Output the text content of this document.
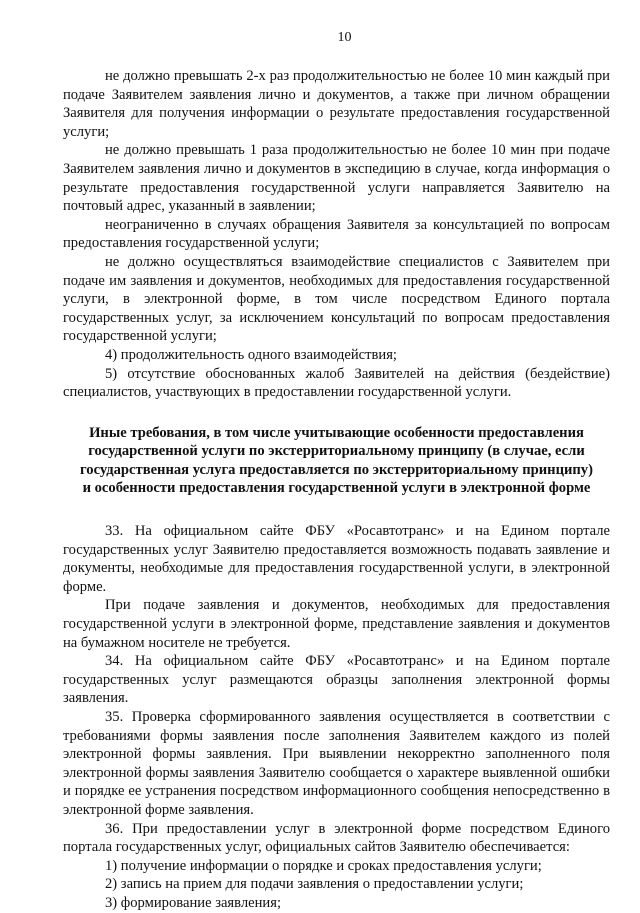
10

не должно превышать 2-х раз продолжительностью не более 10 мин каждый при подаче Заявителем заявления лично и документов, а также при личном обращении Заявителя для получения информации о результате предоставления государственной услуги;

не должно превышать 1 раза продолжительностью не более 10 мин при подаче Заявителем заявления лично и документов в экспедицию в случае, когда информация о результате предоставления государственной услуги направляется Заявителю на почтовый адрес, указанный в заявлении;

неограниченно в случаях обращения Заявителя за консультацией по вопросам предоставления государственной услуги;

не должно осуществляться взаимодействие специалистов с Заявителем при подаче им заявления и документов, необходимых для предоставления государственной услуги, в электронной форме, в том числе посредством Единого портала государственных услуг, за исключением консультаций по вопросам предоставления государственной услуги;

4) продолжительность одного взаимодействия;

5) отсутствие обоснованных жалоб Заявителей на действия (бездействие) специалистов, участвующих в предоставлении государственной услуги.

Иные требования, в том числе учитывающие особенности предоставления
государственной услуги по экстерриториальному принципу (в случае, если
государственная услуга предоставляется по экстерриториальному принципу)
и особенности предоставления государственной услуги в электронной форме

33. На официальном сайте ФБУ «Росавтотранс» и на Едином портале государственных услуг Заявителю предоставляется возможность подавать заявление и документы, необходимые для предоставления государственной услуги, в электронной форме.

При подаче заявления и документов, необходимых для предоставления государственной услуги в электронной форме, представление заявления и документов на бумажном носителе не требуется.

34. На официальном сайте ФБУ «Росавтотранс» и на Едином портале государственных услуг размещаются образцы заполнения электронной формы заявления.

35. Проверка сформированного заявления осуществляется в соответствии с требованиями формы заявления после заполнения Заявителем каждого из полей электронной формы заявления. При выявлении некорректно заполненного поля электронной формы заявления Заявителю сообщается о характере выявленной ошибки и порядке ее устранения посредством информационного сообщения непосредственно в электронной форме заявления.

36. При предоставлении услуг в электронной форме посредством Единого портала государственных услуг, официальных сайтов Заявителю обеспечивается:

1) получение информации о порядке и сроках предоставления услуги;

2) запись на прием для подачи заявления о предоставлении услуги;

3) формирование заявления;
